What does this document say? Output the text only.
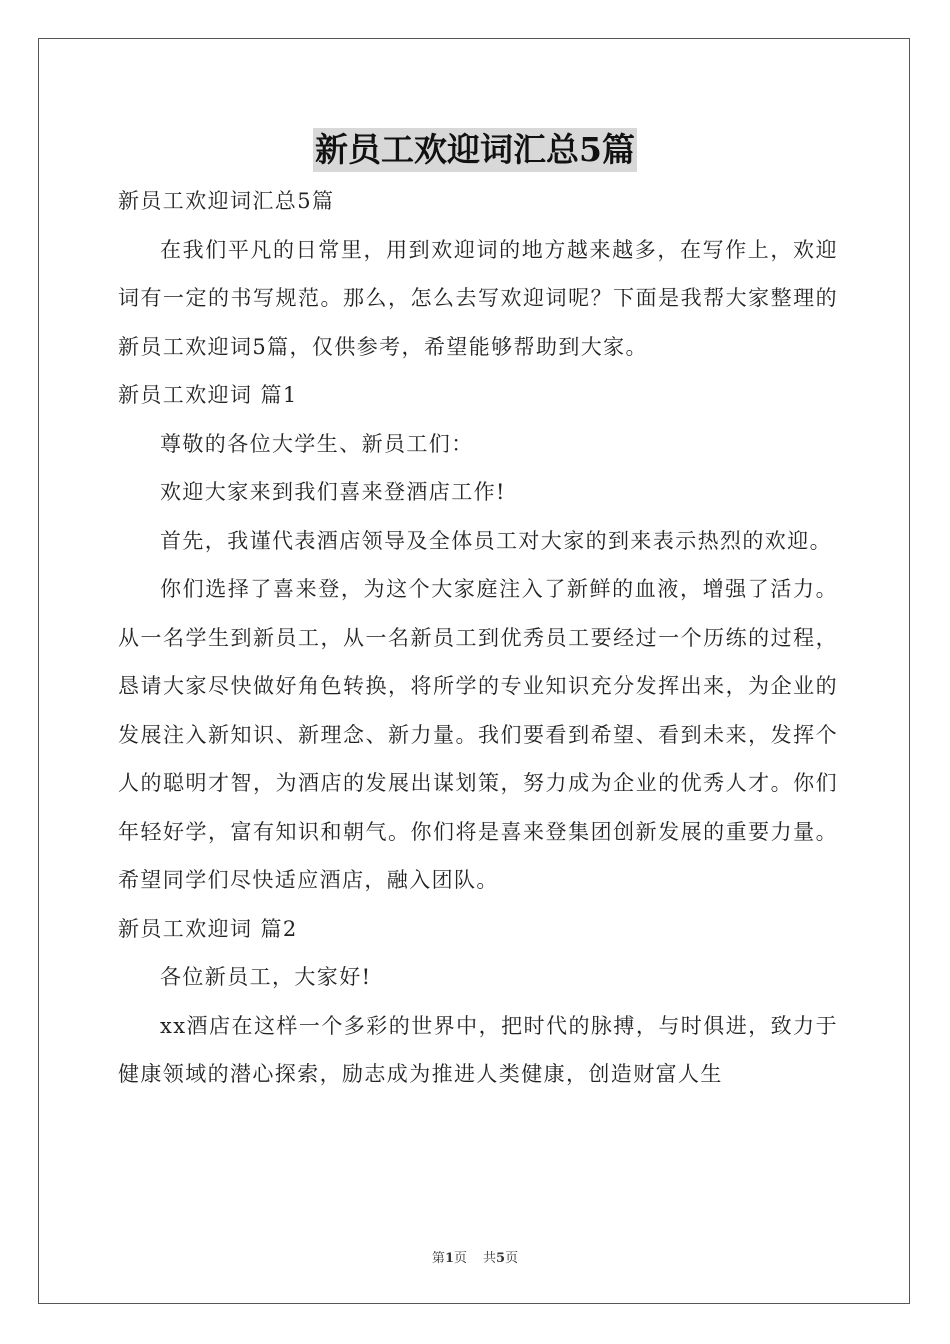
新员工欢迎词汇总5篇

新员工欢迎词汇总5篇

在我们平凡的日常里，用到欢迎词的地方越来越多，在写作上，欢迎词有一定的书写规范。那么，怎么去写欢迎词呢？下面是我帮大家整理的新员工欢迎词5篇，仅供参考，希望能够帮助到大家。

新员工欢迎词 篇1

尊敬的各位大学生、新员工们：

欢迎大家来到我们喜来登酒店工作!

首先，我谨代表酒店领导及全体员工对大家的到来表示热烈的欢迎。

你们选择了喜来登，为这个大家庭注入了新鲜的血液，增强了活力。从一名学生到新员工，从一名新员工到优秀员工要经过一个历练的过程，恳请大家尽快做好角色转换，将所学的专业知识充分发挥出来，为企业的发展注入新知识、新理念、新力量。我们要看到希望、看到未来，发挥个人的聪明才智，为酒店的发展出谋划策，努力成为企业的优秀人才。你们年轻好学，富有知识和朝气。你们将是喜来登集团创新发展的重要力量。希望同学们尽快适应酒店，融入团队。

新员工欢迎词 篇2

各位新员工，大家好!

xx酒店在这样一个多彩的世界中，把时代的脉搏，与时俱进，致力于健康领域的潜心探索，励志成为推进人类健康，创造财富人生

第1页 共5页
